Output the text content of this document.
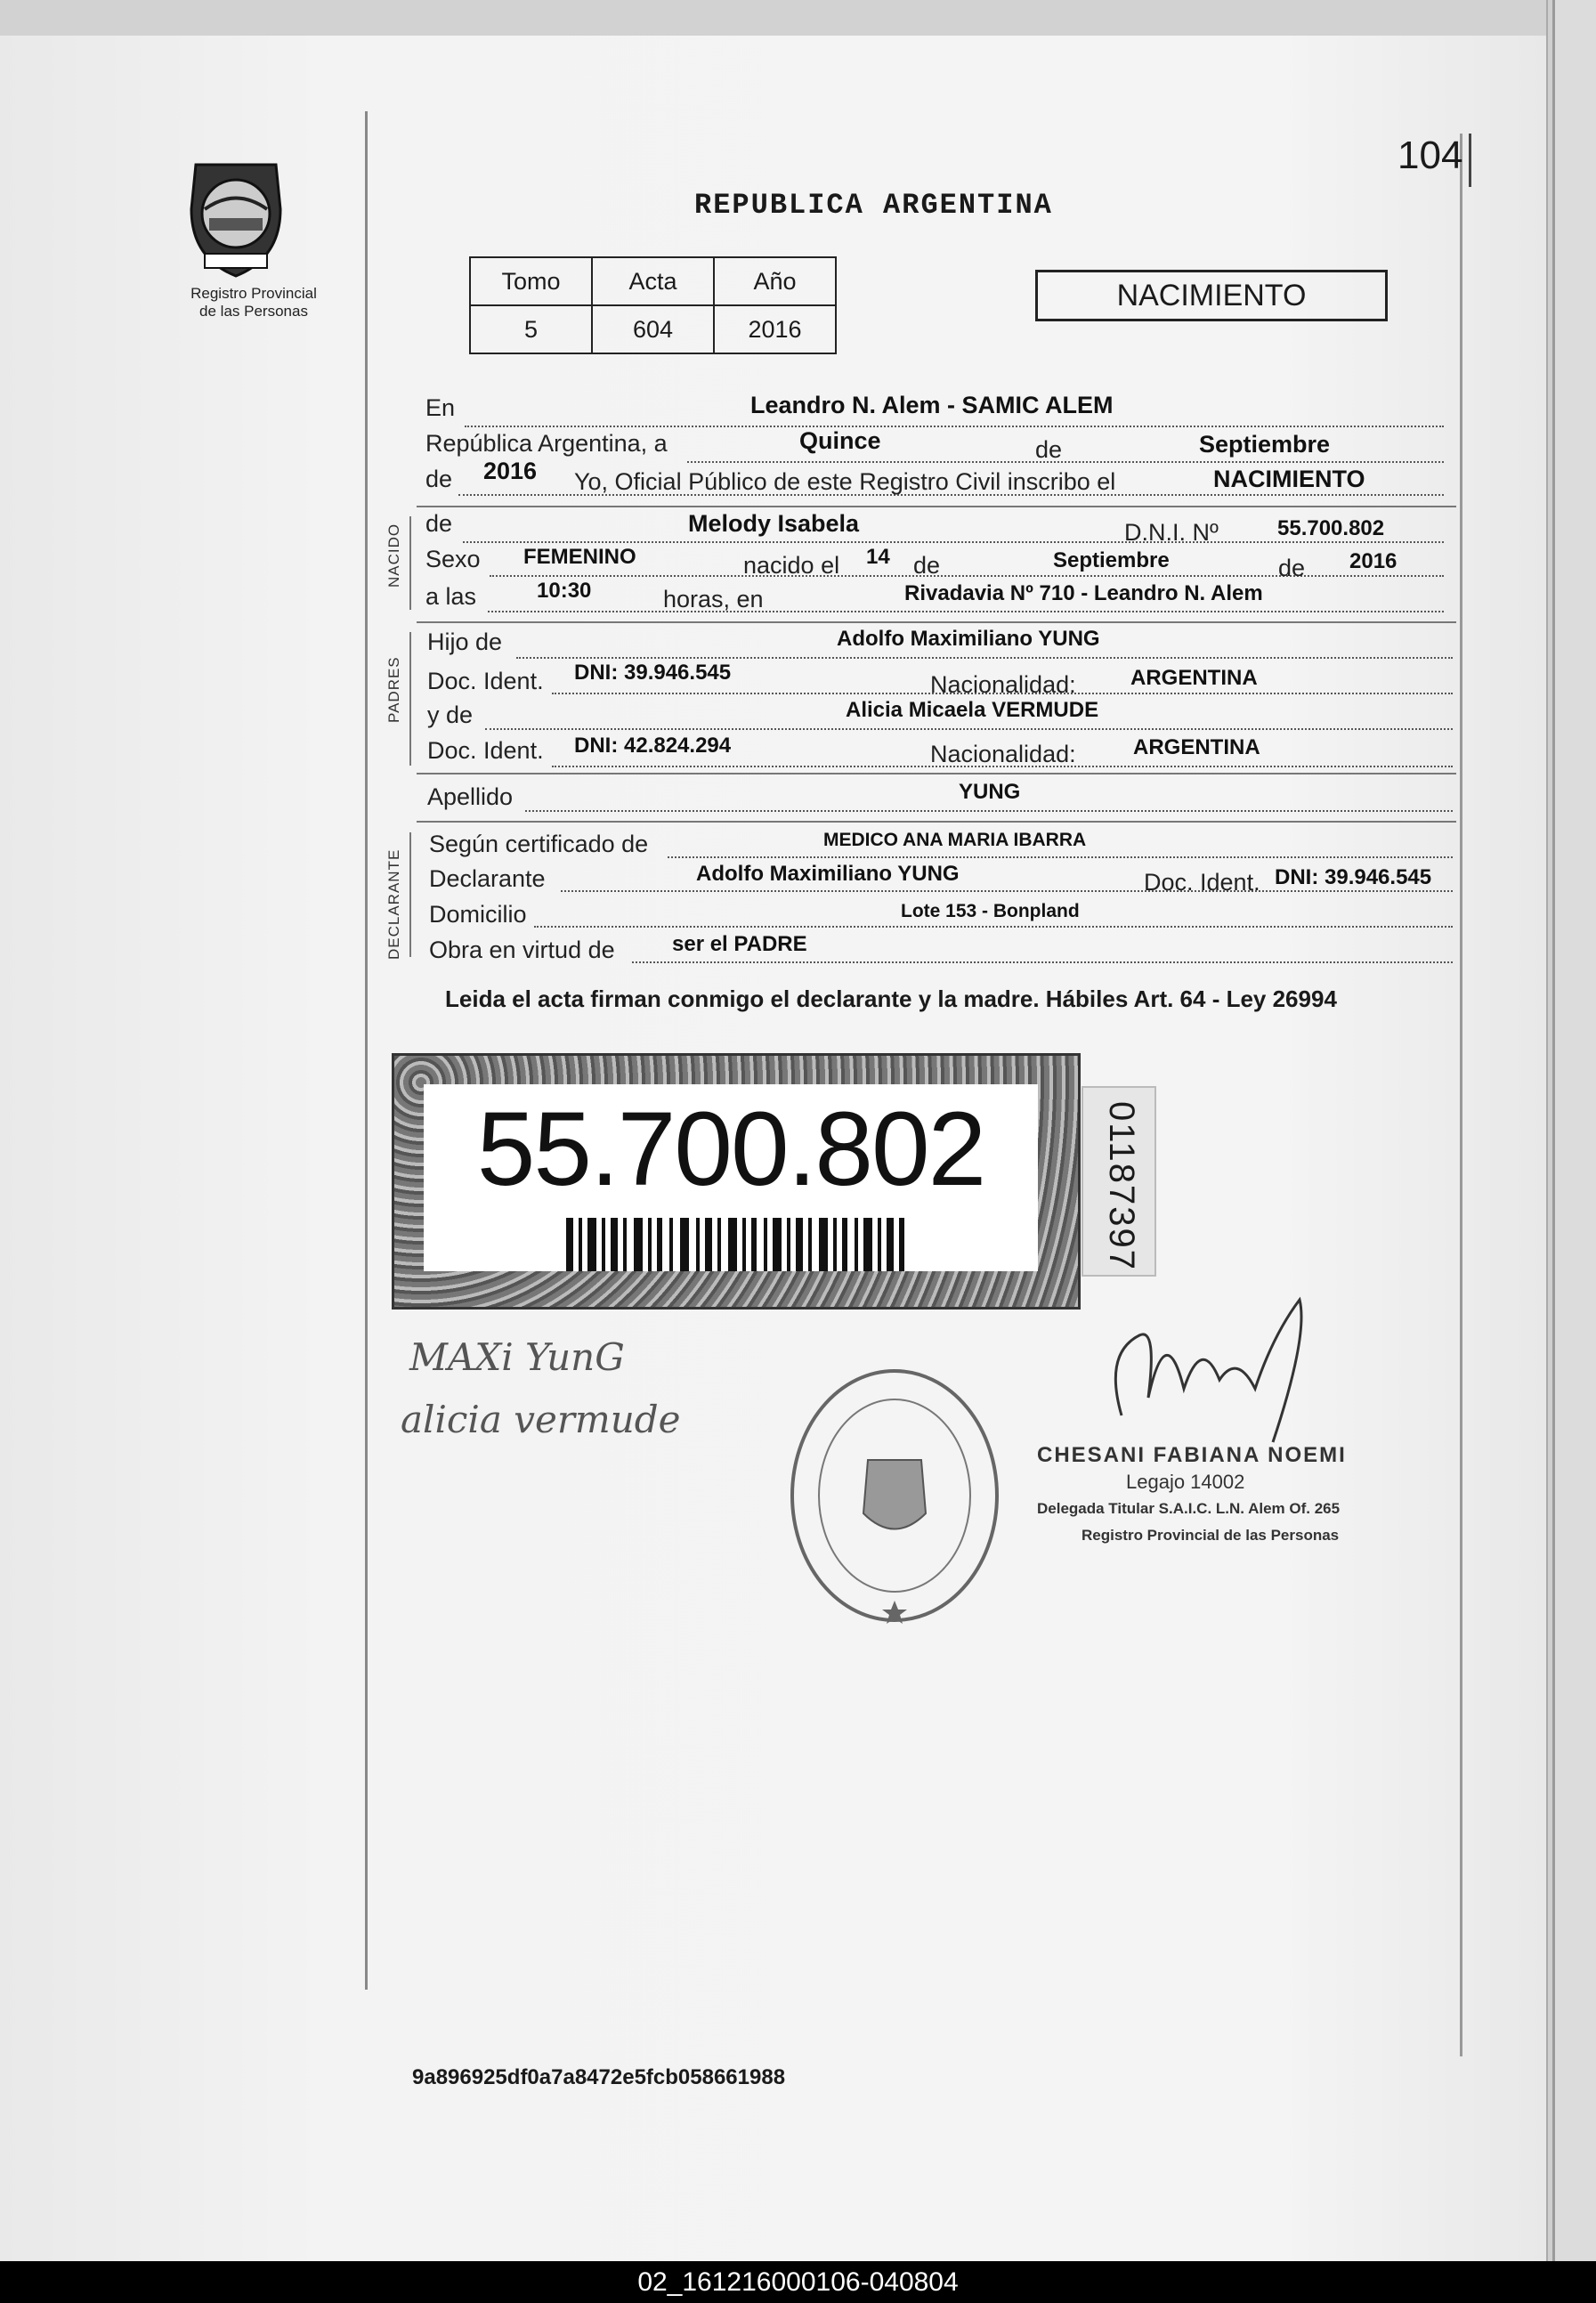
Registro Provincial
de las Personas
104
REPUBLICA ARGENTINA
Tomo	Acta	Año
5	604	2016
NACIMIENTO
En	Leandro N. Alem - SAMIC ALEM
República Argentina, a	Quince	de	Septiembre
de 2016 Yo, Oficial Público de este Registro Civil inscribo el	NACIMIENTO
NACIDO de	Melody Isabela	D.N.I. Nº	55.700.802
Sexo FEMENINO	nacido el 14 de	Septiembre	de 2016
a las	10:30	horas, en	Rivadavia Nº 710 - Leandro N. Alem
PADRES
Hijo de	Adolfo Maximiliano YUNG
Doc. Ident. DNI: 39.946.545	Nacionalidad:	ARGENTINA
y de	Alicia Micaela VERMUDE
Doc. Ident. DNI: 42.824.294	Nacionalidad:	ARGENTINA
Apellido	YUNG
DECLARANTE
Según certificado de	MEDICO ANA MARIA IBARRA
Declarante	Adolfo Maximiliano YUNG	Doc. Ident. DNI: 39.946.545
Domicilio	Lote 153 - Bonpland
Obra en virtud de	ser el PADRE
Leida el acta firman conmigo el declarante y la madre. Hábiles Art. 64 - Ley 26994
55.700.802	01187397
MAXi YunG
alicia vermude
CHESANI FABIANA NOEMI
Legajo 14002
Delegada Titular S.A.I.C. L.N. Alem Of. 265
Registro Provincial de las Personas
9a896925df0a7a8472e5fcb058661988
02_161216000106-040804
